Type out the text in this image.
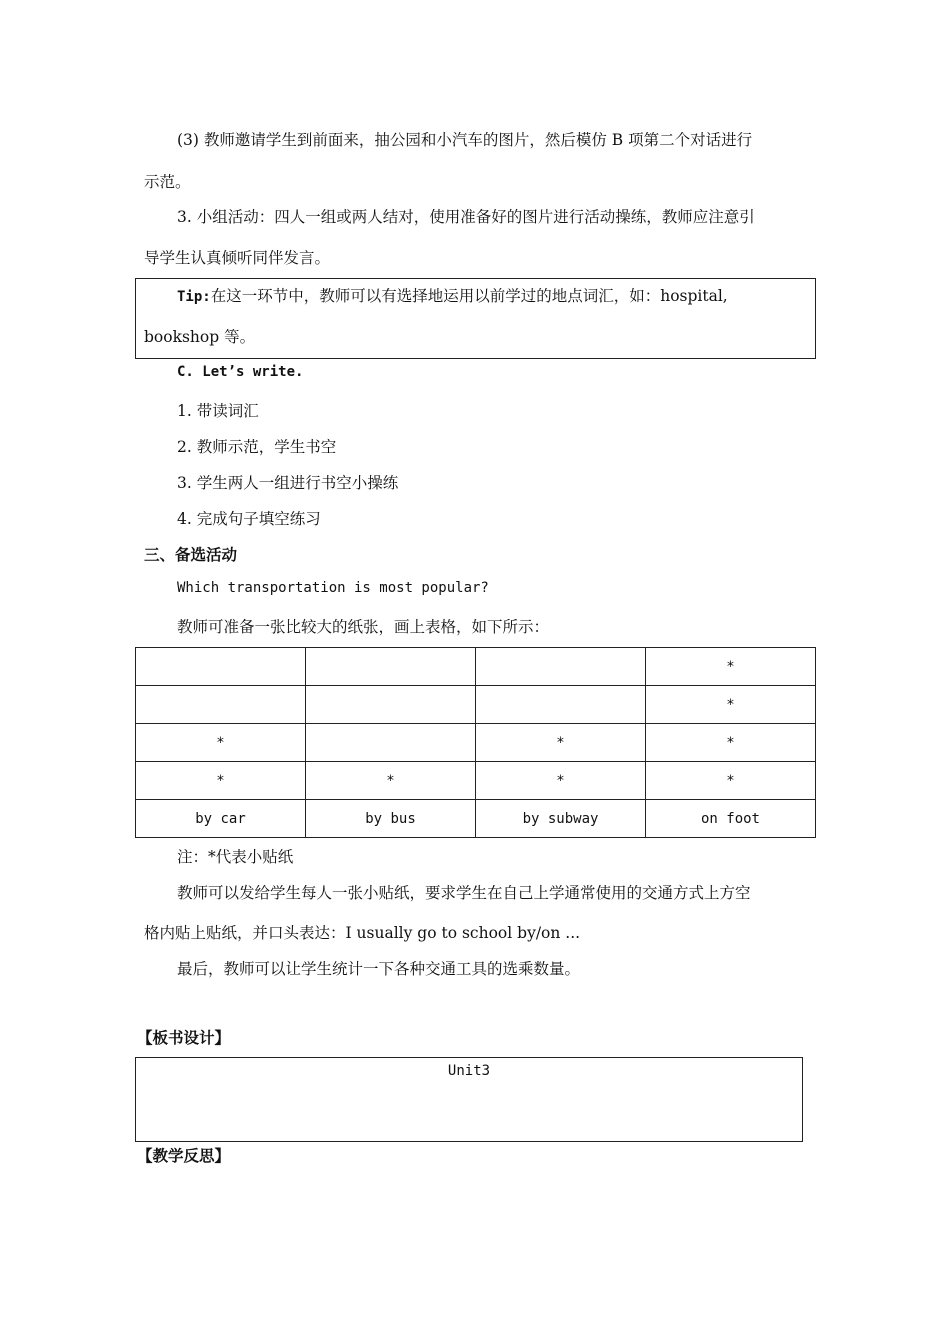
(3) 教师邀请学生到前面来，抽公园和小汽车的图片，然后模仿 B 项第二个对话进行
示范。
3. 小组活动：四人一组或两人结对，使用准备好的图片进行活动操练，教师应注意引
导学生认真倾听同伴发言。
Tip:在这一环节中，教师可以有选择地运用以前学过的地点词汇，如：hospital,
bookshop 等。
C. Let’s write.
1. 带读词汇
2. 教师示范，学生书空
3. 学生两人一组进行书空小操练
4. 完成句子填空练习
三、备选活动
Which transportation is most popular?
教师可准备一张比较大的纸张，画上表格，如下所示：
			*
			*
*		*	*
*	*	*	*
by car	by bus	by subway	on foot
注：*代表小贴纸
教师可以发给学生每人一张小贴纸，要求学生在自己上学通常使用的交通方式上方空
格内贴上贴纸，并口头表达：I usually go to school by/on ...
最后，教师可以让学生统计一下各种交通工具的选乘数量。
【板书设计】
Unit3
【教学反思】
